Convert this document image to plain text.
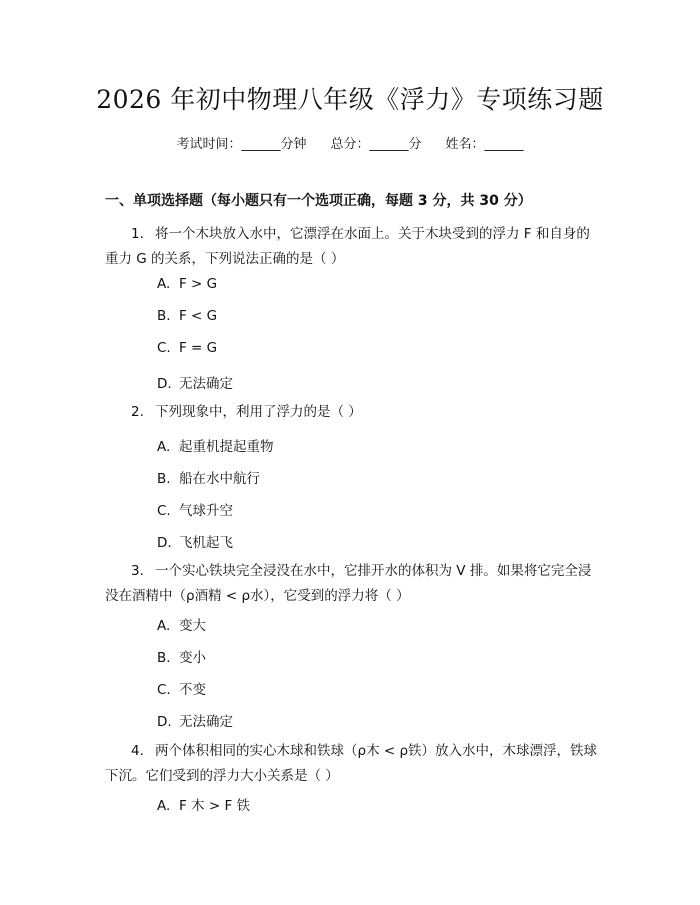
2026 年初中物理八年级《浮力》专项练习题
考试时间：______分钟 总分：______分 姓名：______
一、单项选择题（每小题只有一个选项正确，每题 3 分，共 30 分）
1. 将一个木块放入水中，它漂浮在水面上。关于木块受到的浮力 F 和自身的重力 G 的关系，下列说法正确的是（ ）
A. F > G
B. F < G
C. F = G
D. 无法确定
2. 下列现象中，利用了浮力的是（ ）
A. 起重机提起重物
B. 船在水中航行
C. 气球升空
D. 飞机起飞
3. 一个实心铁块完全浸没在水中，它排开水的体积为 V 排。如果将它完全浸没在酒精中（ρ酒精 < ρ水），它受到的浮力将（ ）
A. 变大
B. 变小
C. 不变
D. 无法确定
4. 两个体积相同的实心木球和铁球（ρ木 < ρ铁）放入水中，木球漂浮，铁球下沉。它们受到的浮力大小关系是（ ）
A. F 木 > F 铁
